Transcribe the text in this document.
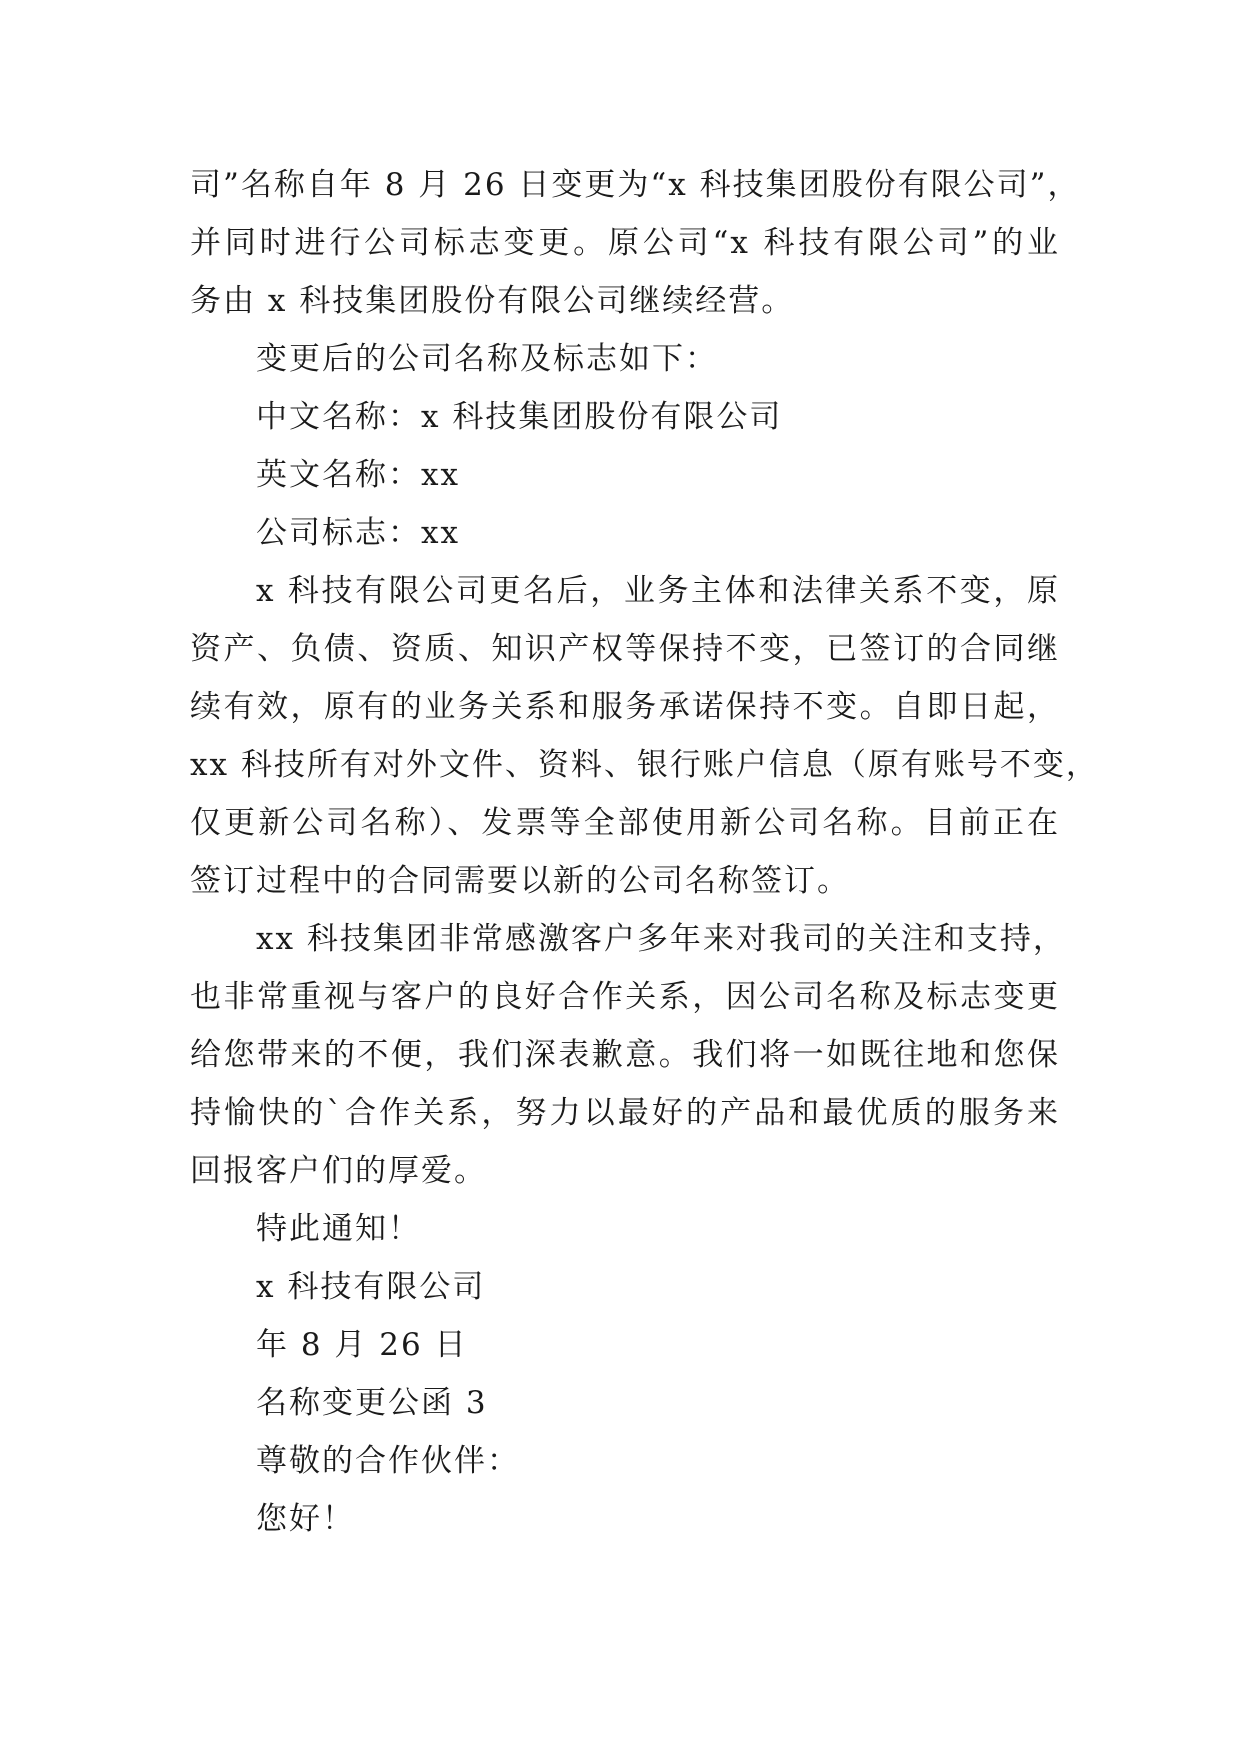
司”名称自年 8 月 26 日变更为“x 科技集团股份有限公司”，
并同时进行公司标志变更。原公司“x 科技有限公司”的业
务由 x 科技集团股份有限公司继续经营。
变更后的公司名称及标志如下：
中文名称：x 科技集团股份有限公司
英文名称：xx
公司标志：xx
x 科技有限公司更名后，业务主体和法律关系不变，原
资产、负债、资质、知识产权等保持不变，已签订的合同继
续有效，原有的业务关系和服务承诺保持不变。自即日起，
xx 科技所有对外文件、资料、银行账户信息（原有账号不变，
仅更新公司名称）、发票等全部使用新公司名称。目前正在
签订过程中的合同需要以新的公司名称签订。
xx 科技集团非常感激客户多年来对我司的关注和支持，
也非常重视与客户的良好合作关系，因公司名称及标志变更
给您带来的不便，我们深表歉意。我们将一如既往地和您保
持愉快的`合作关系，努力以最好的产品和最优质的服务来
回报客户们的厚爱。
特此通知！
x 科技有限公司
年 8 月 26 日
名称变更公函 3
尊敬的合作伙伴：
您好！
